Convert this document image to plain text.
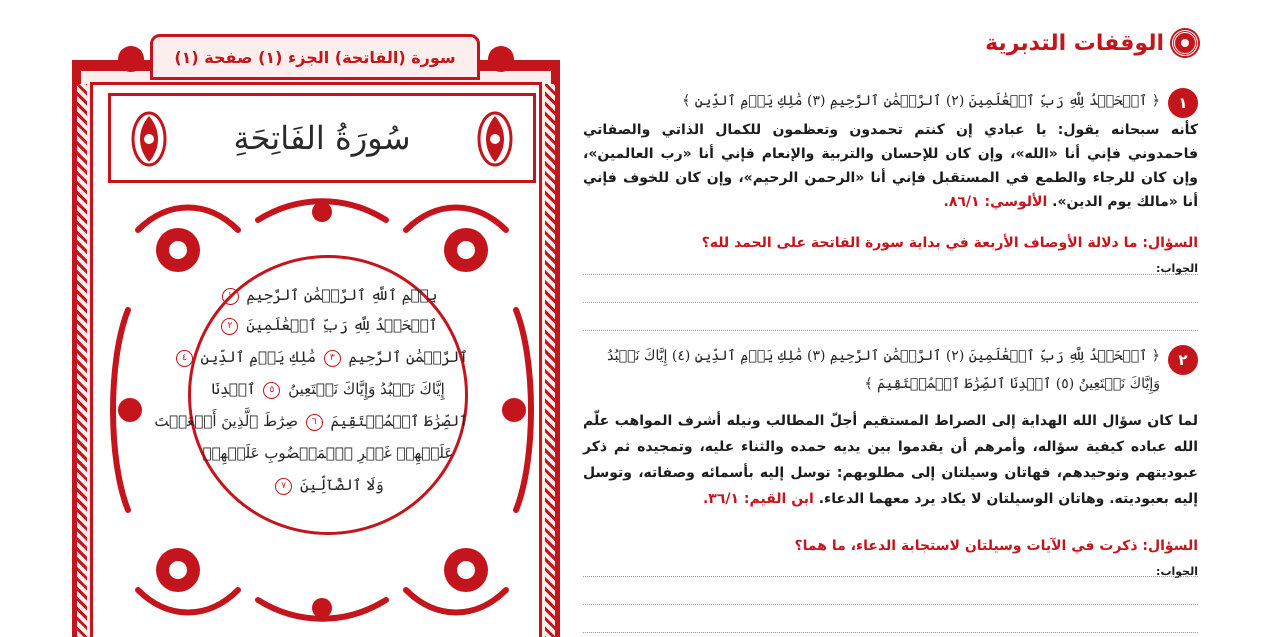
سورة (الفاتحة) الجزء (١) صفحة (١)
سُورَةُ الفَاتِحَةِ
بِسۡمِ ٱللَّهِ ٱلرَّحۡمَٰنِ ٱلرَّحِيمِ ١
ٱلۡحَمۡدُ لِلَّهِ رَبِّ ٱلۡعَٰلَمِينَ ٢
ٱلرَّحۡمَٰنِ ٱلرَّحِيمِ ٣ مَٰلِكِ يَوۡمِ ٱلدِّينِ ٤
إِيَّاكَ نَعۡبُدُ وَإِيَّاكَ نَسۡتَعِينُ ٥ ٱهۡدِنَا
ٱلصِّرَٰطَ ٱلۡمُسۡتَقِيمَ ٦ صِرَٰطَ ٱلَّذِينَ أَنۡعَمۡتَ
عَلَيۡهِمۡ غَيۡرِ ٱلۡمَغۡضُوبِ عَلَيۡهِمۡ
وَلَا ٱلضَّآلِّينَ ٧
الوقفات التدبرية
١
﴿ ٱلۡحَمۡدُ لِلَّهِ رَبِّ ٱلۡعَٰلَمِينَ (٢) ٱلرَّحۡمَٰنِ ٱلرَّحِيمِ (٣) مَٰلِكِ يَوۡمِ ٱلدِّينِ ﴾
كأنه سبحانه يقول: يا عبادي إن كنتم تحمدون وتعظمون للكمال الذاتي والصفاتي فاحمدوني فإني أنا «الله»، وإن كان للإحسان والتربية والإنعام فإني أنا «رب العالمين»، وإن كان للرجاء والطمع في المستقبل فإني أنا «الرحمن الرحيم»، وإن كان للخوف فإني أنا «مالك يوم الدين». الألوسي: ٨٦/١.
السؤال: ما دلالة الأوصاف الأربعة في بداية سورة الفاتحة على الحمد لله؟
الجواب:
٢
﴿ ٱلۡحَمۡدُ لِلَّهِ رَبِّ ٱلۡعَٰلَمِينَ (٢) ٱلرَّحۡمَٰنِ ٱلرَّحِيمِ (٣) مَٰلِكِ يَوۡمِ ٱلدِّينِ (٤) إِيَّاكَ نَعۡبُدُ
وَإِيَّاكَ نَسۡتَعِينُ (٥) ٱهۡدِنَا ٱلصِّرَٰطَ ٱلۡمُسۡتَقِيمَ ﴾
لما كان سؤال الله الهداية إلى الصراط المستقيم أجلّ المطالب ونيله أشرف المواهب علّم الله عباده كيفية سؤاله، وأمرهم أن يقدموا بين يديه حمده والثناء عليه، وتمجيده ثم ذكر عبوديتهم وتوحيدهم، فهاتان وسيلتان إلى مطلوبهم: توسل إليه بأسمائه وصفاته، وتوسل إليه بعبوديته. وهاتان الوسيلتان لا يكاد يرد معهما الدعاء. ابن القيم: ٣٦/١.
السؤال: ذكرت في الآيات وسيلتان لاستجابة الدعاء، ما هما؟
الجواب:
